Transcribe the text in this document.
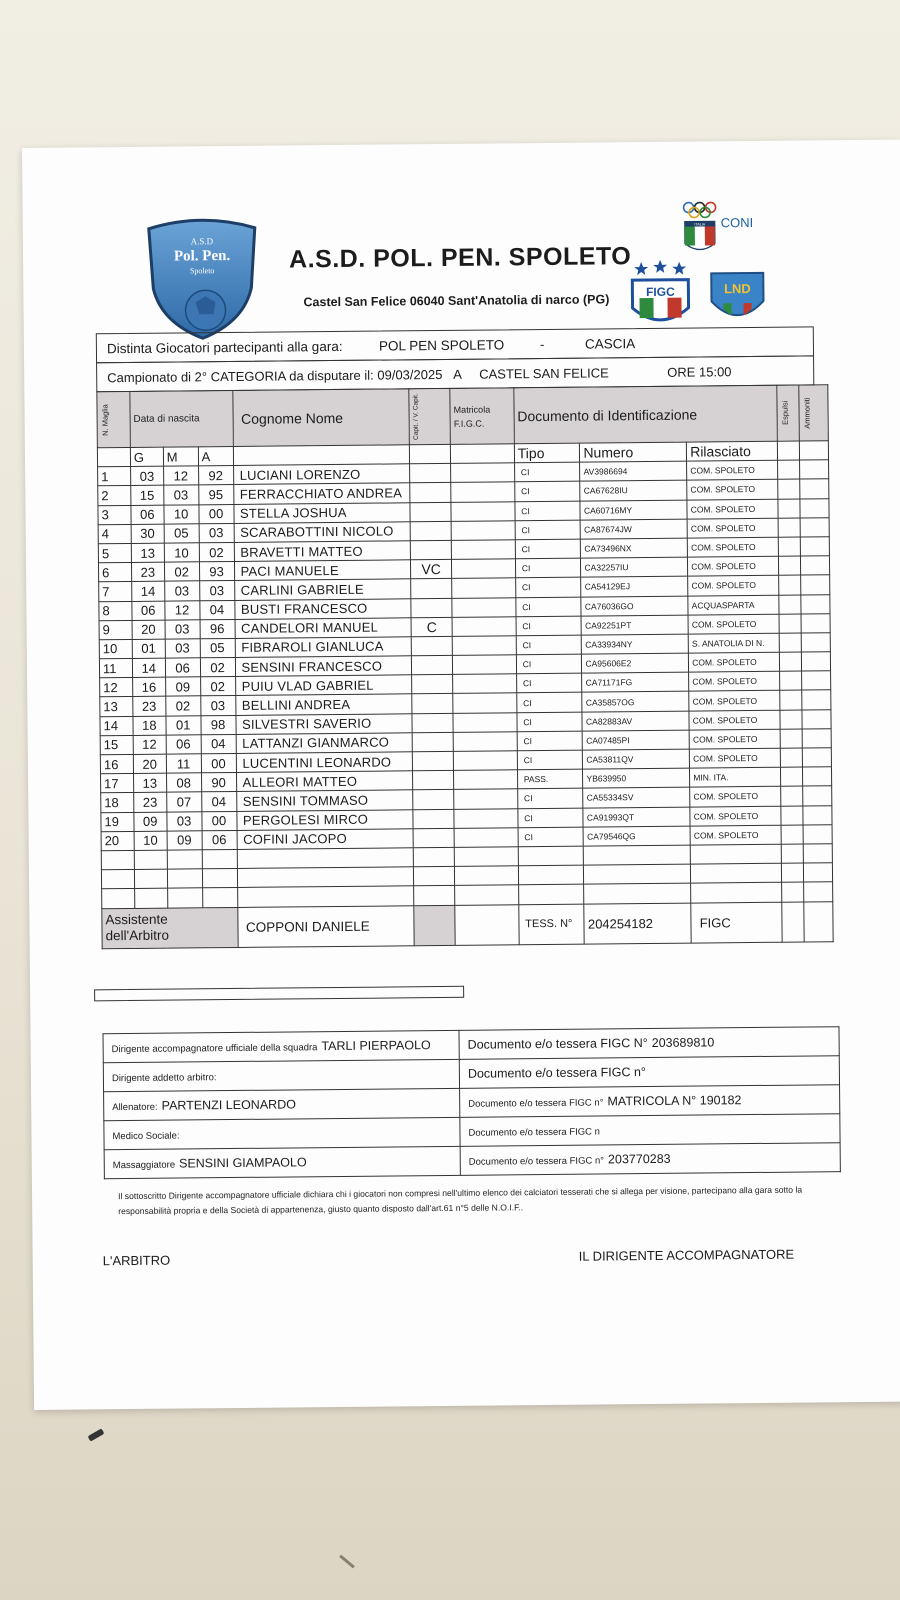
A.S.D
Pol. Pen.
Spoleto	A.S.D. POL. PEN. SPOLETO
Castel San Felice 06040 Sant'Anatolia di narco (PG)
ITALIA CONI
FIGC	LND
Distinta Giocatori partecipanti alla gara:	POL PEN SPOLETO	-	CASCIA
Campionato di 2° CATEGORIA da disputare il: 09/03/2025 A CASTEL SAN FELICE	ORE 15:00
N. Maglia	Data di nascita			Cognome Nome	Capit. / V. Capit.	Matricola F.I.G.C.	Documento di Identificazione			Espulsi	Ammoniti

	G	M	A				Tipo	Numero	Rilasciato		
1	03	12	92	LUCIANI LORENZO			CI	AV3986694	COM. SPOLETO		
2	15	03	95	FERRACCHIATO ANDREA			CI	CA67628IU	COM. SPOLETO		
3	06	10	00	STELLA JOSHUA			CI	CA60716MY	COM. SPOLETO		
4	30	05	03	SCARABOTTINI NICOLO			CI	CA87674JW	COM. SPOLETO		
5	13	10	02	BRAVETTI MATTEO			CI	CA73496NX	COM. SPOLETO		
6	23	02	93	PACI MANUELE	VC		CI	CA32257IU	COM. SPOLETO		
7	14	03	03	CARLINI GABRIELE			CI	CA54129EJ	COM. SPOLETO		
8	06	12	04	BUSTI FRANCESCO			CI	CA76036GO	ACQUASPARTA		
9	20	03	96	CANDELORI MANUEL	C		CI	CA92251PT	COM. SPOLETO		
10	01	03	05	FIBRAROLI GIANLUCA			CI	CA33934NY	S. ANATOLIA DI N.		
11	14	06	02	SENSINI FRANCESCO			CI	CA95606E2	COM. SPOLETO		
12	16	09	02	PUIU VLAD GABRIEL			CI	CA71171FG	COM. SPOLETO		
13	23	02	03	BELLINI ANDREA			CI	CA35857OG	COM. SPOLETO		
14	18	01	98	SILVESTRI SAVERIO			CI	CA82883AV	COM. SPOLETO		
15	12	06	04	LATTANZI GIANMARCO			CI	CA07485PI	COM. SPOLETO		
16	20	11	00	LUCENTINI LEONARDO			CI	CA53811QV	COM. SPOLETO		
17	13	08	90	ALLEORI MATTEO			PASS.	YB639950	MIN. ITA.		
18	23	07	04	SENSINI TOMMASO			CI	CA55334SV	COM. SPOLETO		
19	09	03	00	PERGOLESI MIRCO			CI	CA91993QT	COM. SPOLETO		
20	10	09	06	COFINI JACOPO			CI	CA79546QG	COM. SPOLETO		

Assistente dell'Arbitro				COPPONI DANIELE			TESS. N°	204254182	FIGC		
Dirigente accompagnatore ufficiale della squadra TARLI PIERPAOLO	Documento e/o tessera FIGC N° 203689810
Dirigente addetto arbitro:	Documento e/o tessera FIGC n°
Allenatore: PARTENZI LEONARDO	Documento e/o tessera FIGC n° MATRICOLA N° 190182
Medico Sociale:	Documento e/o tessera FIGC n
Massaggiatore SENSINI GIAMPAOLO	Documento e/o tessera FIGC n° 203770283
Il sottoscritto Dirigente accompagnatore ufficiale dichiara chi i giocatori non compresi nell'ultimo elenco dei calciatori tesserati che si allega per visione, partecipano alla gara sotto la responsabilità propria e della Società di appartenenza, giusto quanto disposto dall'art.61 n°5 delle N.O.I.F..
L'ARBITRO	IL DIRIGENTE ACCOMPAGNATORE
